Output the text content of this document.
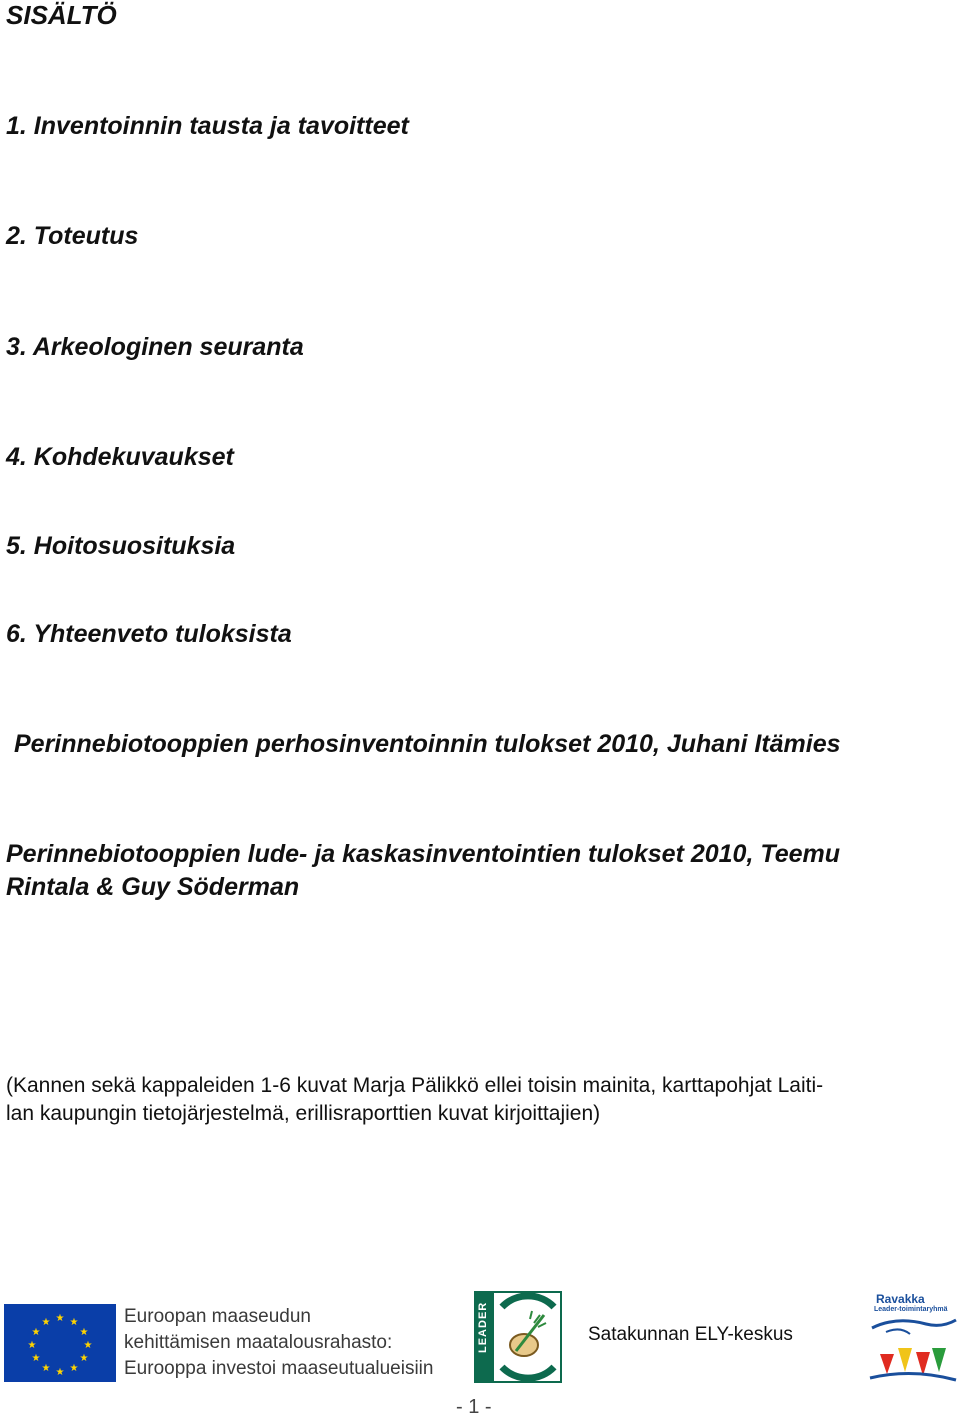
SISÄLTÖ
1. Inventoinnin tausta ja tavoitteet
2. Toteutus
3. Arkeologinen seuranta
4. Kohdekuvaukset
5. Hoitosuosituksia
6. Yhteenveto tuloksista
Perinnebiotooppien perhosinventoinnin tulokset 2010, Juhani Itämies
Perinnebiotooppien lude- ja kaskasinventointien tulokset 2010, Teemu
Rintala & Guy Söderman
(Kannen sekä kappaleiden 1-6 kuvat Marja Pälikkö ellei toisin mainita, karttapohjat Laiti-
lan kaupungin tietojärjestelmä, erillisraporttien kuvat kirjoittajien)
★ ★
★
★
★
★
★
★
★
★
★
★	Euroopan maaseudun
kehittämisen maatalousrahasto:
Eurooppa investoi maaseutualueisiin
LEADER	Satakunnan ELY-keskus
Ravakka
Leader-toimintaryhmä
- 1 -
